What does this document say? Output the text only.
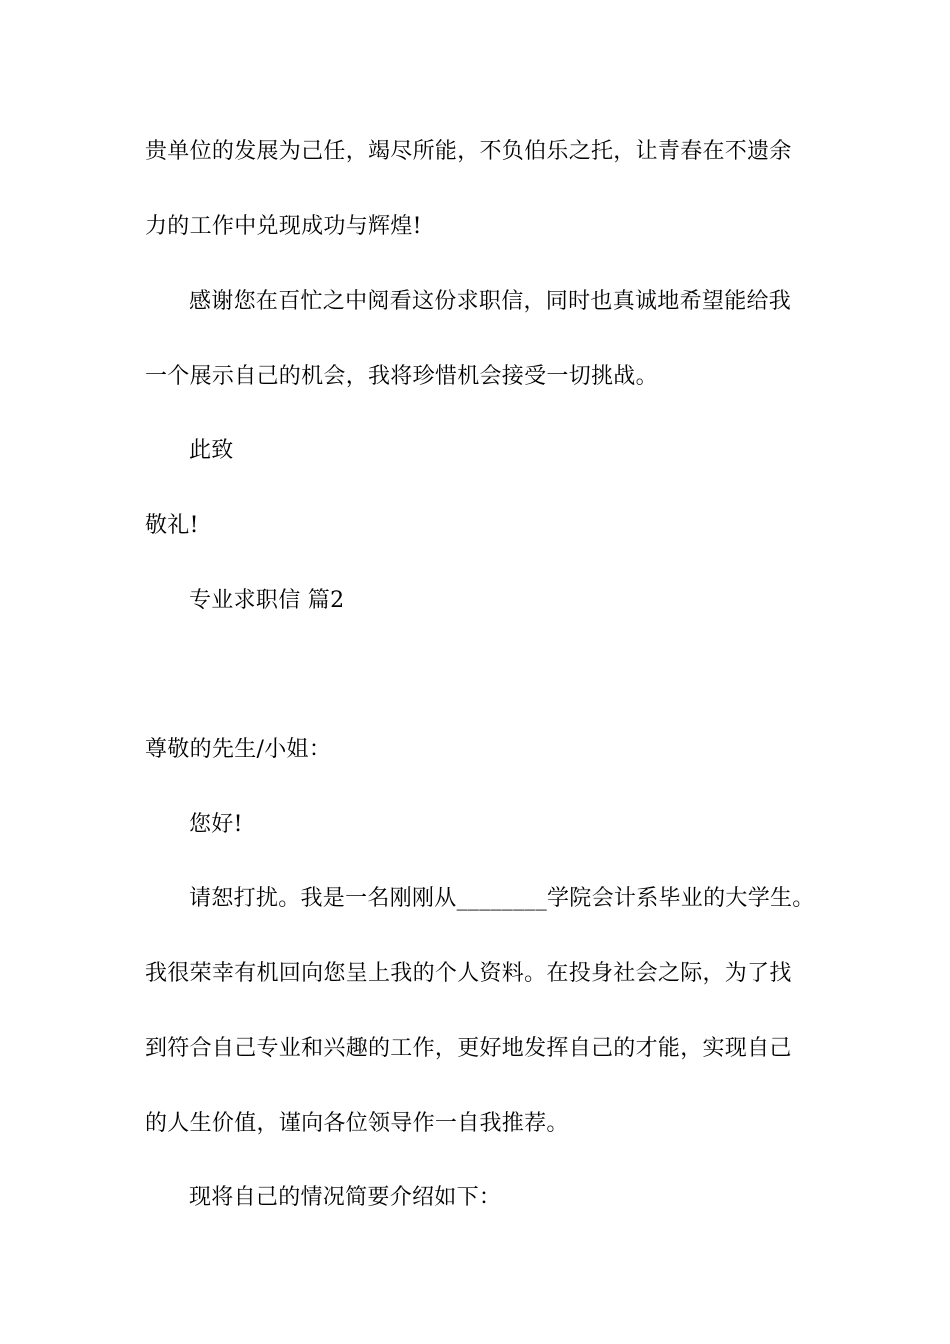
贵单位的发展为己任，竭尽所能，不负伯乐之托，让青春在不遗余
力的工作中兑现成功与辉煌!
感谢您在百忙之中阅看这份求职信，同时也真诚地希望能给我
一个展示自己的机会，我将珍惜机会接受一切挑战。
此致
敬礼!
专业求职信 篇2
尊敬的先生/小姐：
您好!
请恕打扰。我是一名刚刚从________学院会计系毕业的大学生。
我很荣幸有机回向您呈上我的个人资料。在投身社会之际，为了找
到符合自己专业和兴趣的工作，更好地发挥自己的才能，实现自己
的人生价值，谨向各位领导作一自我推荐。
现将自己的情况简要介绍如下：
